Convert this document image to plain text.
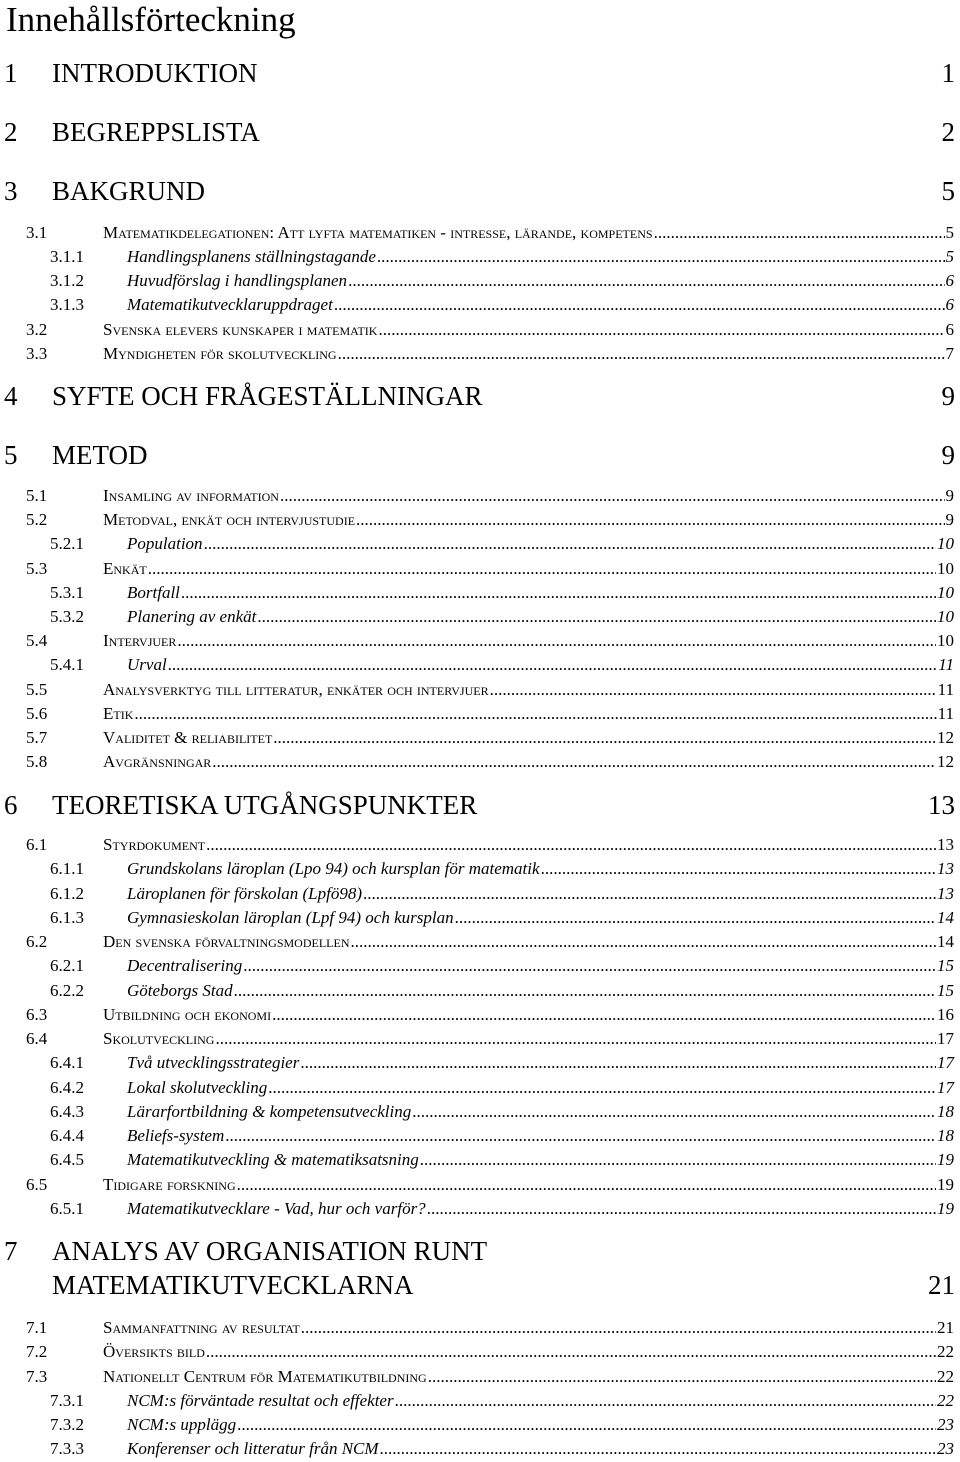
Innehållsförteckning
1 INTRODUKTION	1
2 BEGREPPSLISTA	2
3 BAKGRUND	5
3.1	Matematikdelegationen: Att lyfta matematiken - intresse, lärande, kompetens .....	5
3.1.1	Handlingsplanens ställningstagande .....	5
3.1.2	Huvudförslag i handlingsplanen .....	6
3.1.3	Matematikutvecklaruppdraget .....	6
3.2	Svenska elevers kunskaper i matematik .....	6
3.3	Myndigheten för skolutveckling .....	7
4 SYFTE OCH FRÅGESTÄLLNINGAR	9
5 METOD	9
5.1	Insamling av information .....	9
5.2	Metodval, enkät och intervjustudie .....	9
5.2.1	Population .....	10
5.3	Enkät .....	10
5.3.1	Bortfall .....	10
5.3.2	Planering av enkät .....	10
5.4	Intervjuer .....	10
5.4.1	Urval .....	11
5.5	Analysverktyg till litteratur, enkäter och intervjuer .....	11
5.6	Etik .....	11
5.7	Validitet & reliabilitet .....	12
5.8	Avgränsningar .....	12
6 TEORETISKA UTGÅNGSPUNKTER	13
6.1	Styrdokument .....	13
6.1.1	Grundskolans läroplan (Lpo 94) och kursplan för matematik .....	13
6.1.2	Läroplanen för förskolan (Lpfö98) .....	13
6.1.3	Gymnasieskolan läroplan (Lpf 94) och kursplan .....	14
6.2	Den svenska förvaltningsmodellen .....	14
6.2.1	Decentralisering .....	15
6.2.2	Göteborgs Stad .....	15
6.3	Utbildning och ekonomi .....	16
6.4	Skolutveckling .....	17
6.4.1	Två utvecklingsstrategier .....	17
6.4.2	Lokal skolutveckling .....	17
6.4.3	Lärarfortbildning & kompetensutveckling .....	18
6.4.4	Beliefs-system .....	18
6.4.5	Matematikutveckling & matematiksatsning .....	19
6.5	Tidigare forskning .....	19
6.5.1	Matematikutvecklare - Vad, hur och varför? .....	19
7 ANALYS AV ORGANISATION RUNT
MATEMATIKUTVECKLARNA	21
7.1	Sammanfattning av resultat .....	21
7.2	Översikts bild .....	22
7.3	Nationellt Centrum för Matematikutbildning .....	22
7.3.1	NCM:s förväntade resultat och effekter .....	22
7.3.2	NCM:s upplägg .....	23
7.3.3	Konferenser och litteratur från NCM .....	23
